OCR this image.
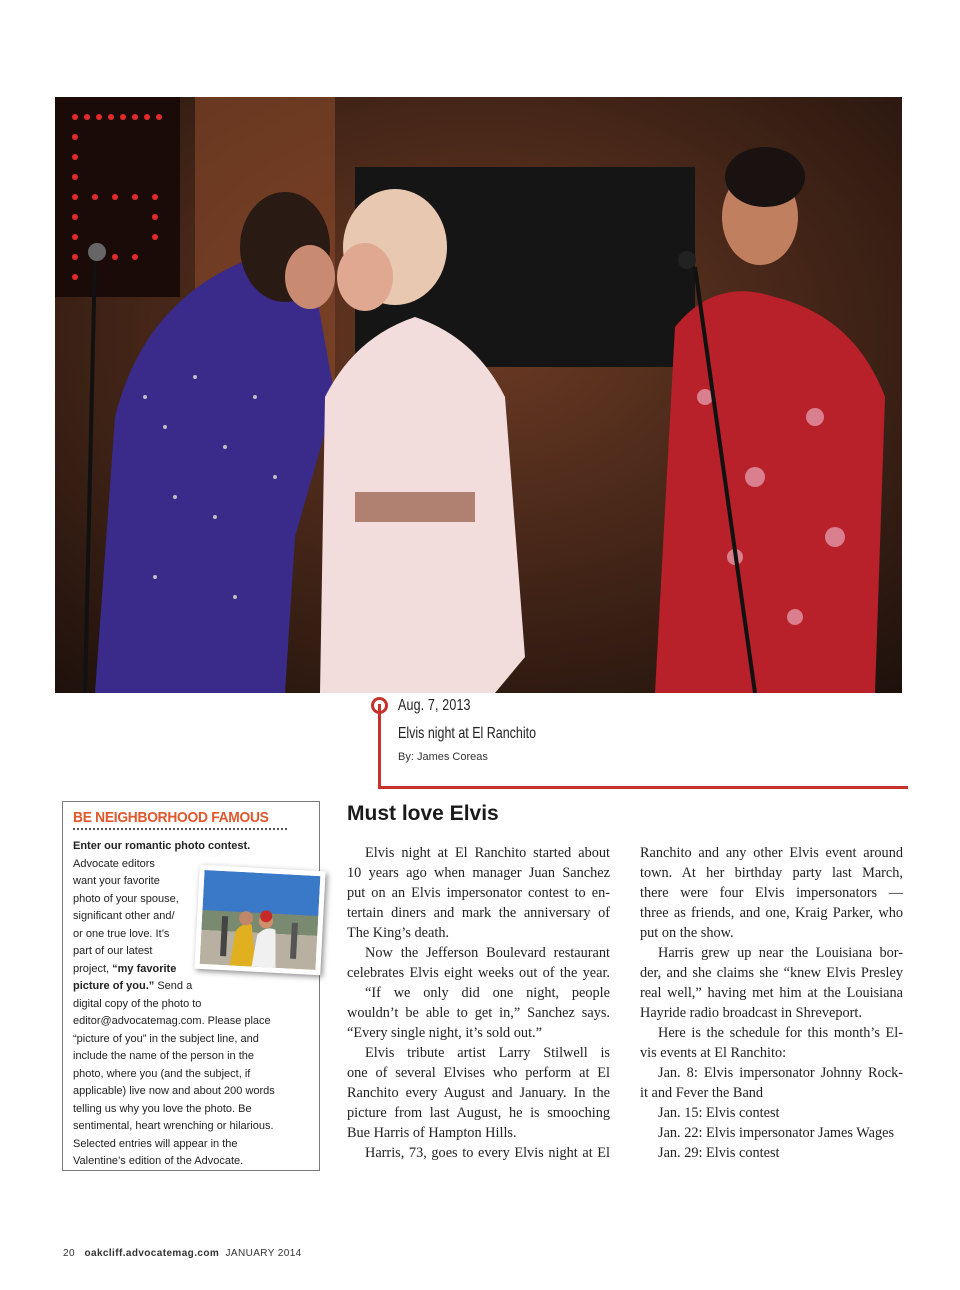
Aug. 7, 2013
Elvis night at El Ranchito
By: James Coreas
BE NEIGHBORHOOD FAMOUS
Enter our romantic photo contest.
Advocate editors
want your favorite
photo of your spouse,
significant other and/
or one true love. It’s
part of our latest
project, “my favorite
picture of you.” Send a
digital copy of the photo to
editor@advocatemag.com. Please place
“picture of you” in the subject line, and
include the name of the person in the
photo, where you (and the subject, if
applicable) live now and about 200 words
telling us why you love the photo. Be
sentimental, heart wrenching or hilarious.
Selected entries will appear in the
Valentine’s edition of the Advocate.
Must love Elvis
Elvis night at El Ranchito started about
10 years ago when manager Juan Sanchez
put on an Elvis impersonator contest to en-
tertain diners and mark the anniversary of
The King’s death.
Now the Jefferson Boulevard restaurant
celebrates Elvis eight weeks out of the year.
“If we only did one night, people
wouldn’t be able to get in,” Sanchez says.
“Every single night, it’s sold out.”
Elvis tribute artist Larry Stilwell is
one of several Elvises who perform at El
Ranchito every August and January. In the
picture from last August, he is smooching
Bue Harris of Hampton Hills.
Harris, 73, goes to every Elvis night at El
Ranchito and any other Elvis event around
town. At her birthday party last March,
there were four Elvis impersonators —
three as friends, and one, Kraig Parker, who
put on the show.
Harris grew up near the Louisiana bor-
der, and she claims she “knew Elvis Presley
real well,” having met him at the Louisiana
Hayride radio broadcast in Shreveport.
Here is the schedule for this month’s El-
vis events at El Ranchito:
Jan. 8: Elvis impersonator Johnny Rock-
it and Fever the Band
Jan. 15: Elvis contest
Jan. 22: Elvis impersonator James Wages
Jan. 29: Elvis contest
20 oakcliff.advocatemag.com JANUARY 2014
